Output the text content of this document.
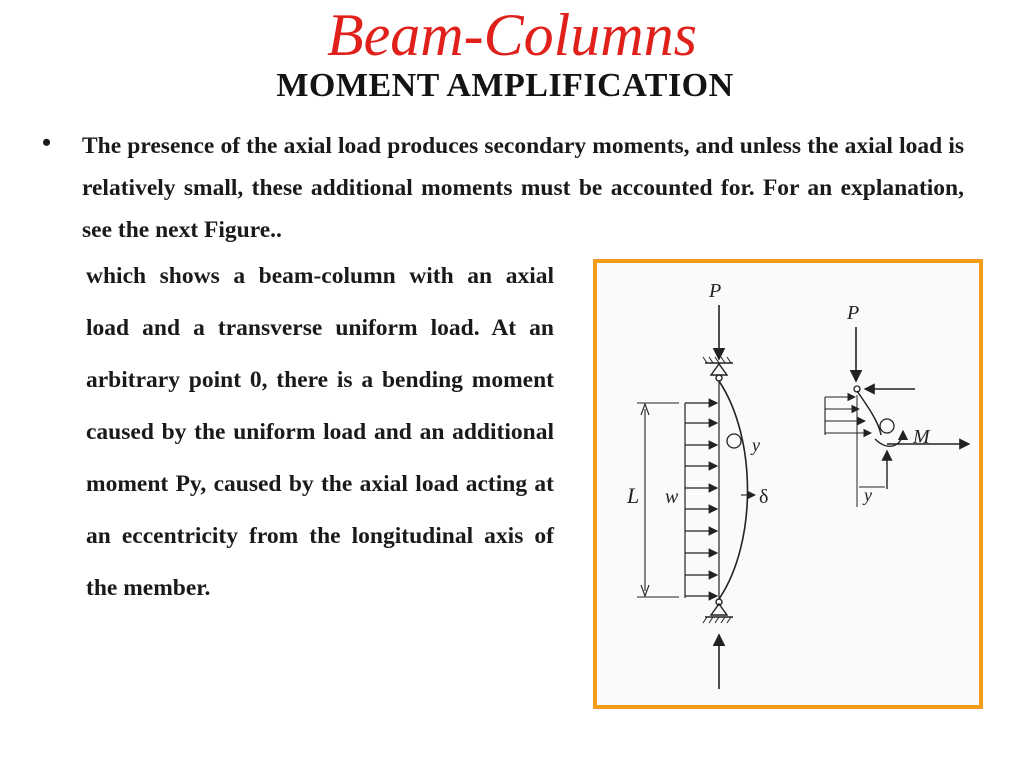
Beam-Columns
MOMENT AMPLIFICATION
• The presence of the axial load produces secondary moments, and unless the axial load is relatively small, these additional moments must be accounted for. For an explanation, see the next Figure..

which shows a beam-column with an axial load and a transverse uniform load. At an arbitrary point 0, there is a bending moment caused by the uniform load and an additional moment Py, caused by the axial load acting at an eccentricity from the longitudinal axis of the member.

P
L w
y
δ
P
M
y
